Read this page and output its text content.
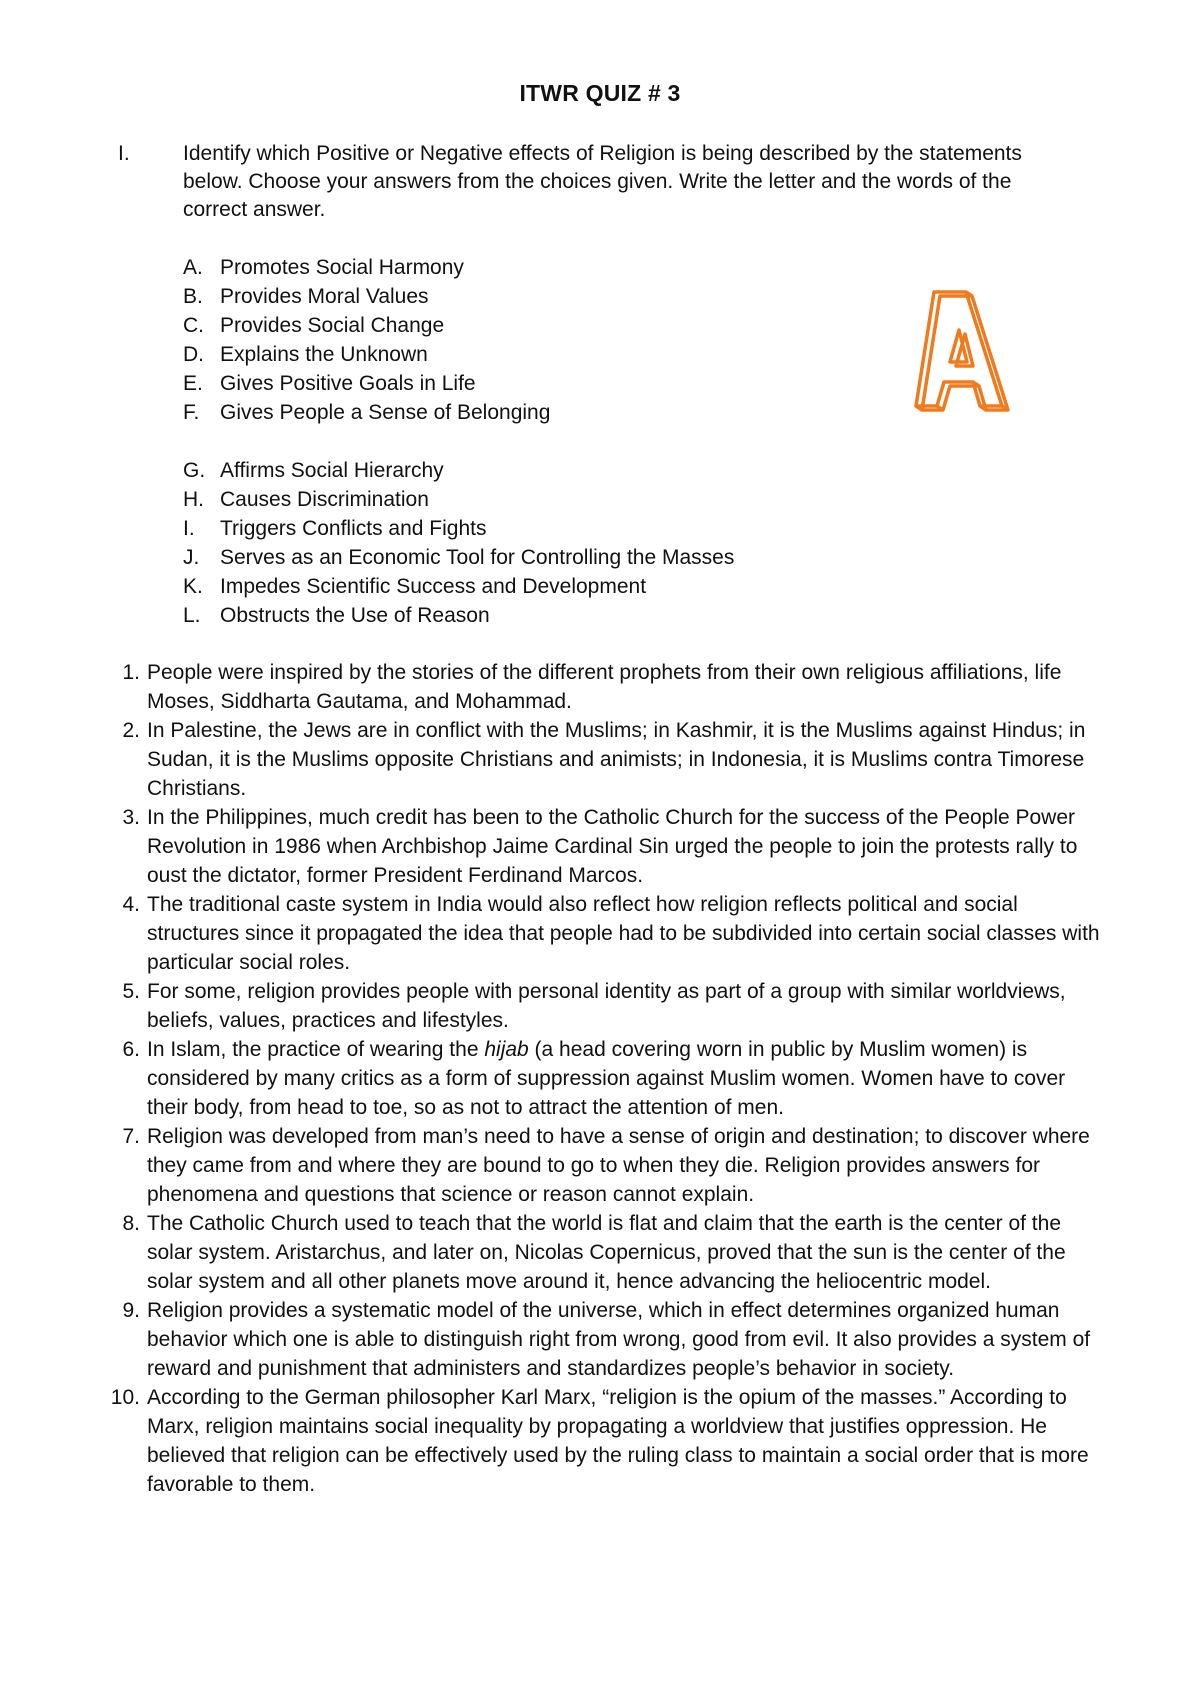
ITWR QUIZ # 3
I.	Identify which Positive or Negative effects of Religion is being described by the statements below. Choose your answers from the choices given. Write the letter and the words of the correct answer.
A. Promotes Social Harmony
B. Provides Moral Values
C. Provides Social Change
D. Explains the Unknown
E. Gives Positive Goals in Life
F. Gives People a Sense of Belonging
G. Affirms Social Hierarchy
H. Causes Discrimination
I. Triggers Conflicts and Fights
J. Serves as an Economic Tool for Controlling the Masses
K. Impedes Scientific Success and Development
L. Obstructs the Use of Reason
A
1. People were inspired by the stories of the different prophets from their own religious affiliations, life Moses, Siddharta Gautama, and Mohammad.
2. In Palestine, the Jews are in conflict with the Muslims; in Kashmir, it is the Muslims against Hindus; in Sudan, it is the Muslims opposite Christians and animists; in Indonesia, it is Muslims contra Timorese Christians.
3. In the Philippines, much credit has been to the Catholic Church for the success of the People Power Revolution in 1986 when Archbishop Jaime Cardinal Sin urged the people to join the protests rally to oust the dictator, former President Ferdinand Marcos.
4. The traditional caste system in India would also reflect how religion reflects political and social structures since it propagated the idea that people had to be subdivided into certain social classes with particular social roles.
5. For some, religion provides people with personal identity as part of a group with similar worldviews, beliefs, values, practices and lifestyles.
6. In Islam, the practice of wearing the hijab (a head covering worn in public by Muslim women) is considered by many critics as a form of suppression against Muslim women. Women have to cover their body, from head to toe, so as not to attract the attention of men.
7. Religion was developed from man’s need to have a sense of origin and destination; to discover where they came from and where they are bound to go to when they die. Religion provides answers for phenomena and questions that science or reason cannot explain.
8. The Catholic Church used to teach that the world is flat and claim that the earth is the center of the solar system. Aristarchus, and later on, Nicolas Copernicus, proved that the sun is the center of the solar system and all other planets move around it, hence advancing the heliocentric model.
9. Religion provides a systematic model of the universe, which in effect determines organized human behavior which one is able to distinguish right from wrong, good from evil. It also provides a system of reward and punishment that administers and standardizes people’s behavior in society.
10. According to the German philosopher Karl Marx, “religion is the opium of the masses.” According to Marx, religion maintains social inequality by propagating a worldview that justifies oppression. He believed that religion can be effectively used by the ruling class to maintain a social order that is more favorable to them.
